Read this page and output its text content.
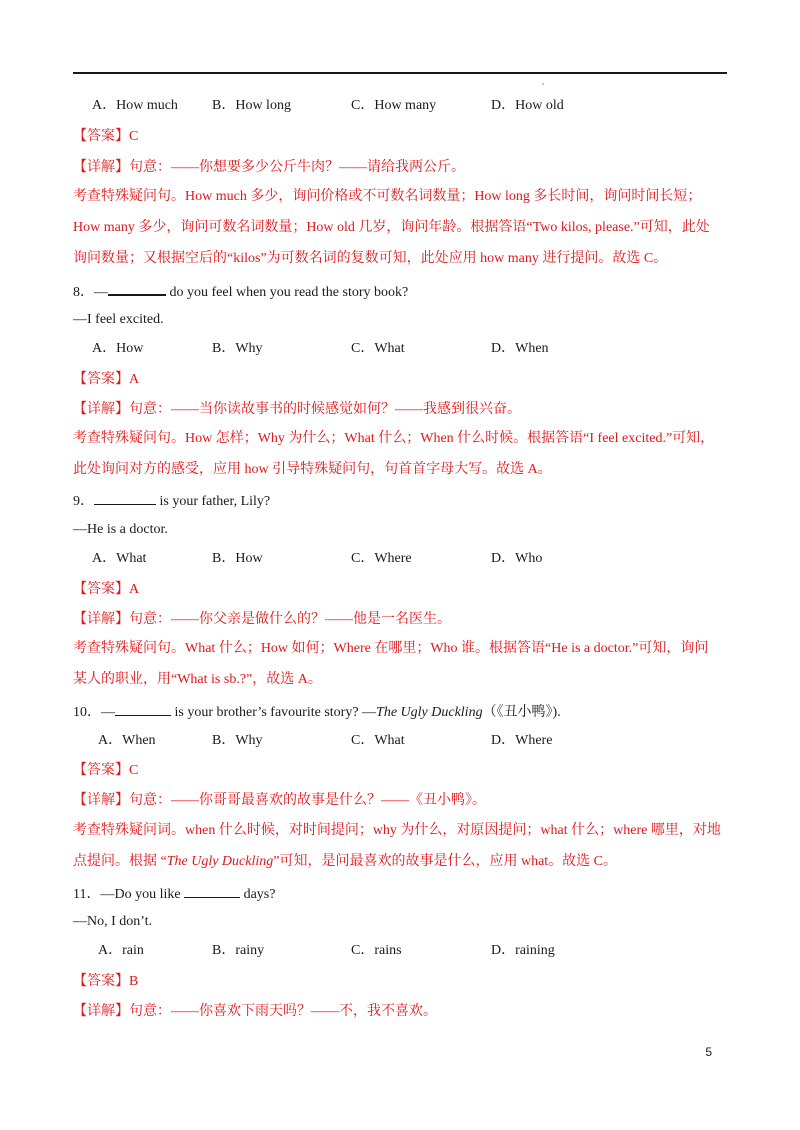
A．How much B．How long	C．How many	D．How old
【答案】C
【详解】句意：——你想要多少公斤牛肉？——请给我两公斤。
考查特殊疑问句。How much 多少，询问价格或不可数名词数量；How long 多长时间，询问时间长短；
How many 多少，询问可数名词数量；How old 几岁，询问年龄。根据答语“Two kilos, please.”可知，此处
询问数量；又根据空后的“kilos”为可数名词的复数可知，此处应用 how many 进行提问。故选 C。
8．—	do you feel when you read the story book?
—I feel excited.
A．How	B．Why	C．What	D．When
【答案】A
【详解】句意：——当你读故事书的时候感觉如何？——我感到很兴奋。
考查特殊疑问句。How 怎样；Why 为什么；What 什么；When 什么时候。根据答语“I feel excited.”可知，
此处询问对方的感受，应用 how 引导特殊疑问句，句首首字母大写。故选 A。
9．	is your father, Lily?
—He is a doctor.
A．What	B．How	C．Where	D．Who
【答案】A
【详解】句意：——你父亲是做什么的？——他是一名医生。
考查特殊疑问句。What 什么；How 如何；Where 在哪里；Who 谁。根据答语“He is a doctor.”可知，询问
某人的职业，用“What is sb.?”，故选 A。
10．—	is your brother’s favourite story? —The Ugly Duckling（《丑小鸭》).
A．When	B．Why	C．What	D．Where
【答案】C
【详解】句意：——你哥哥最喜欢的故事是什么？——《丑小鸭》。
考查特殊疑问词。when 什么时候，对时间提问；why 为什么，对原因提问；what 什么；where 哪里，对地
点提问。根据 “The Ugly Duckling”可知，是问最喜欢的故事是什么，应用 what。故选 C。
11．—Do you like	days?
—No, I don’t.
A．rain	B．rainy	C．rains	D．raining
【答案】B
【详解】句意：——你喜欢下雨天吗？——不，我不喜欢。
5
